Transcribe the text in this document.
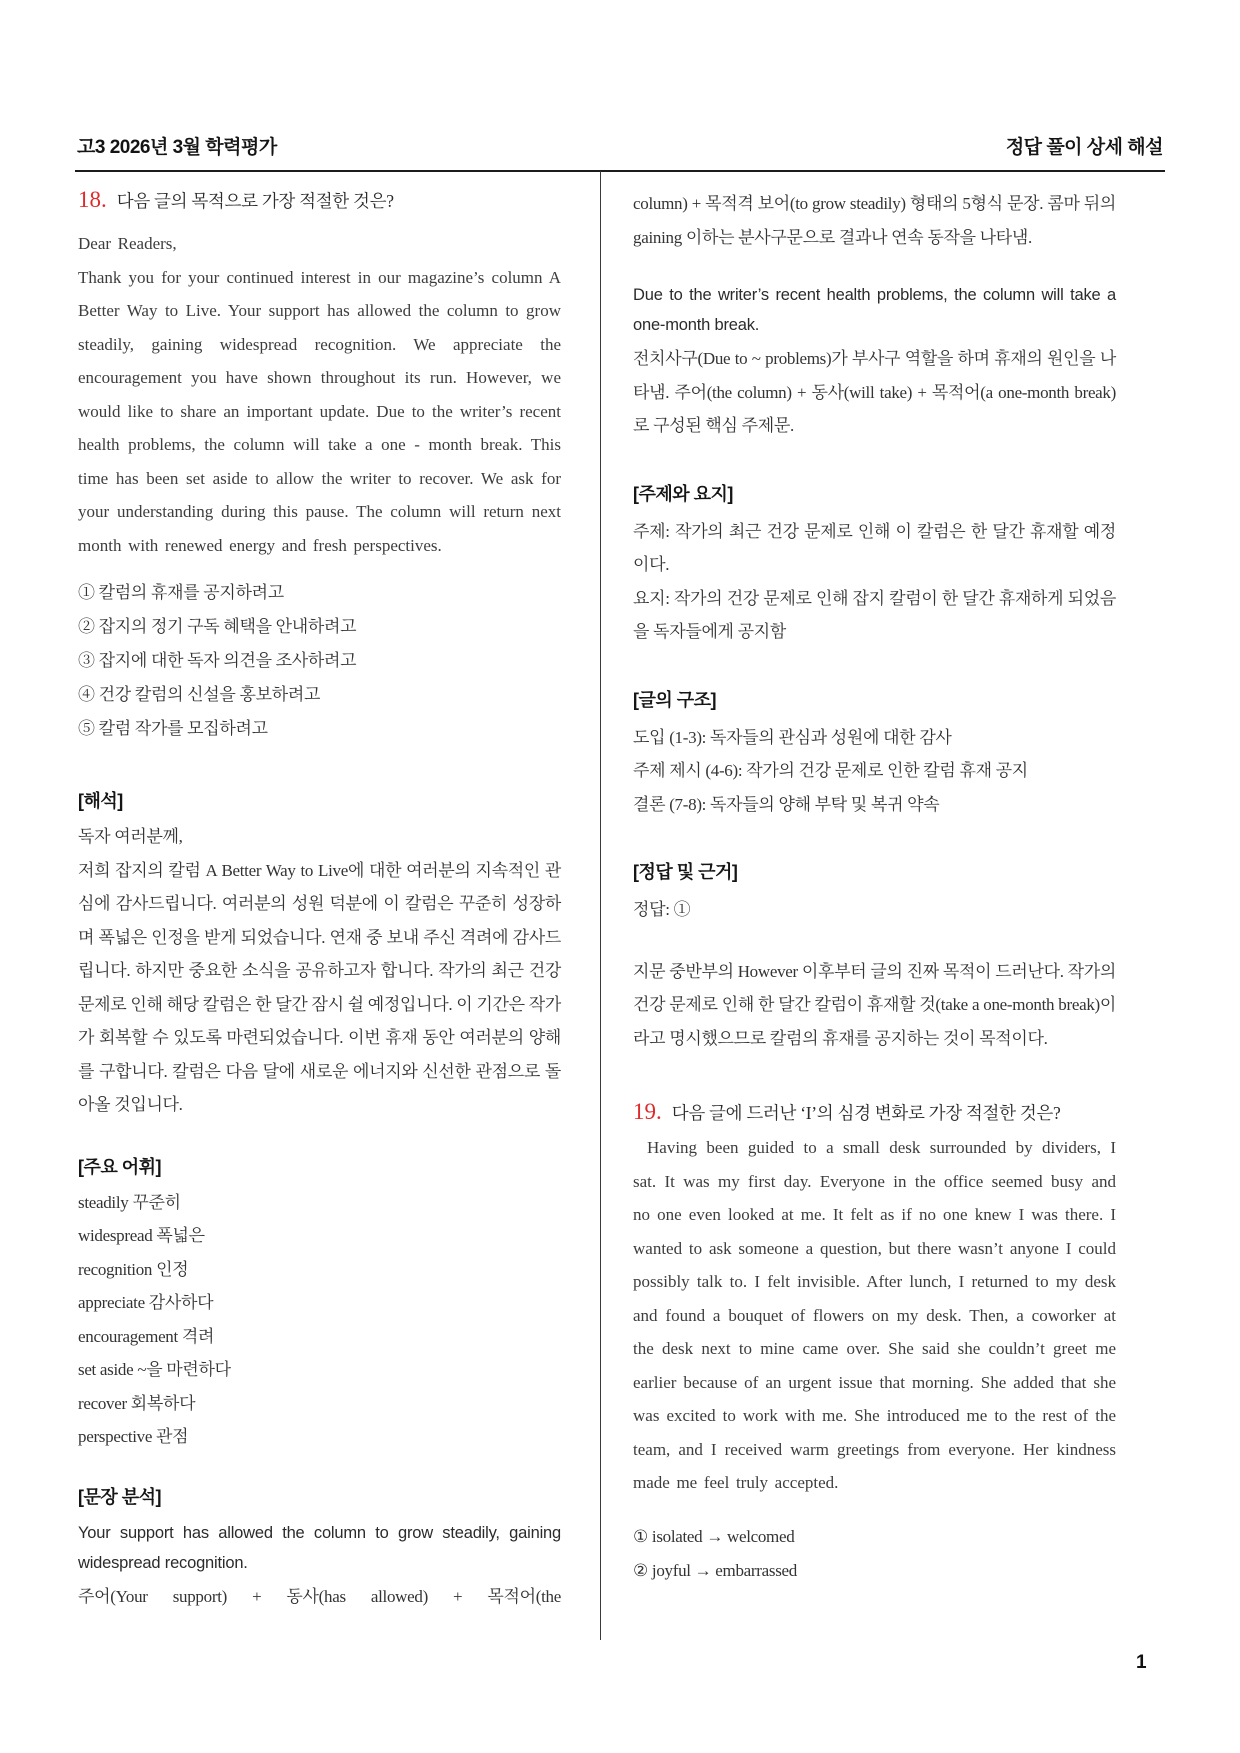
고3 2026년 3월 학력평가	정답 풀이 상세 해설
18. 다음 글의 목적으로 가장 적절한 것은?
Dear Readers,
Thank you for your continued interest in our magazine’s column A Better Way to Live. Your support has allowed the column to grow steadily, gaining widespread recognition. We appreciate the encouragement you have shown throughout its run. However, we would like to share an important update. Due to the writer’s recent health problems, the column will take a one - month break. This time has been set aside to allow the writer to recover. We ask for your understanding during this pause. The column will return next month with renewed energy and fresh perspectives.
① 칼럼의 휴재를 공지하려고
② 잡지의 정기 구독 혜택을 안내하려고
③ 잡지에 대한 독자 의견을 조사하려고
④ 건강 칼럼의 신설을 홍보하려고
⑤ 칼럼 작가를 모집하려고
[해석]
독자 여러분께,
저희 잡지의 칼럼 A Better Way to Live에 대한 여러분의 지속적인 관심에 감사드립니다. 여러분의 성원 덕분에 이 칼럼은 꾸준히 성장하며 폭넓은 인정을 받게 되었습니다. 연재 중 보내 주신 격려에 감사드립니다. 하지만 중요한 소식을 공유하고자 합니다. 작가의 최근 건강 문제로 인해 해당 칼럼은 한 달간 잠시 쉴 예정입니다. 이 기간은 작가가 회복할 수 있도록 마련되었습니다. 이번 휴재 동안 여러분의 양해를 구합니다. 칼럼은 다음 달에 새로운 에너지와 신선한 관점으로 돌아올 것입니다.
[주요 어휘]
steadily 꾸준히
widespread 폭넓은
recognition 인정
appreciate 감사하다
encouragement 격려
set aside ~을 마련하다
recover 회복하다
perspective 관점
[문장 분석]
Your support has allowed the column to grow steadily, gaining widespread recognition.
주어(Your support) + 동사(has allowed) + 목적어(the
column) + 목적격 보어(to grow steadily) 형태의 5형식 문장. 콤마 뒤의 gaining 이하는 분사구문으로 결과나 연속 동작을 나타냄.
Due to the writer’s recent health problems, the column will take a one-month break.
전치사구(Due to ~ problems)가 부사구 역할을 하며 휴재의 원인을 나타냄. 주어(the column) + 동사(will take) + 목적어(a one-month break)로 구성된 핵심 주제문.
[주제와 요지]
주제: 작가의 최근 건강 문제로 인해 이 칼럼은 한 달간 휴재할 예정이다.
요지: 작가의 건강 문제로 인해 잡지 칼럼이 한 달간 휴재하게 되었음을 독자들에게 공지함
[글의 구조]
도입 (1-3): 독자들의 관심과 성원에 대한 감사
주제 제시 (4-6): 작가의 건강 문제로 인한 칼럼 휴재 공지
결론 (7-8): 독자들의 양해 부탁 및 복귀 약속
[정답 및 근거]
정답: ①
지문 중반부의 However 이후부터 글의 진짜 목적이 드러난다. 작가의 건강 문제로 인해 한 달간 칼럼이 휴재할 것(take a one-month break)이라고 명시했으므로 칼럼의 휴재를 공지하는 것이 목적이다.
19. 다음 글에 드러난 ‘I’의 심경 변화로 가장 적절한 것은?
Having been guided to a small desk surrounded by dividers, I sat. It was my first day. Everyone in the office seemed busy and no one even looked at me. It felt as if no one knew I was there. I wanted to ask someone a question, but there wasn’t anyone I could possibly talk to. I felt invisible. After lunch, I returned to my desk and found a bouquet of flowers on my desk. Then, a coworker at the desk next to mine came over. She said she couldn’t greet me earlier because of an urgent issue that morning. She added that she was excited to work with me. She introduced me to the rest of the team, and I received warm greetings from everyone. Her kindness made me feel truly accepted.
① isolated → welcomed
② joyful → embarrassed
1
